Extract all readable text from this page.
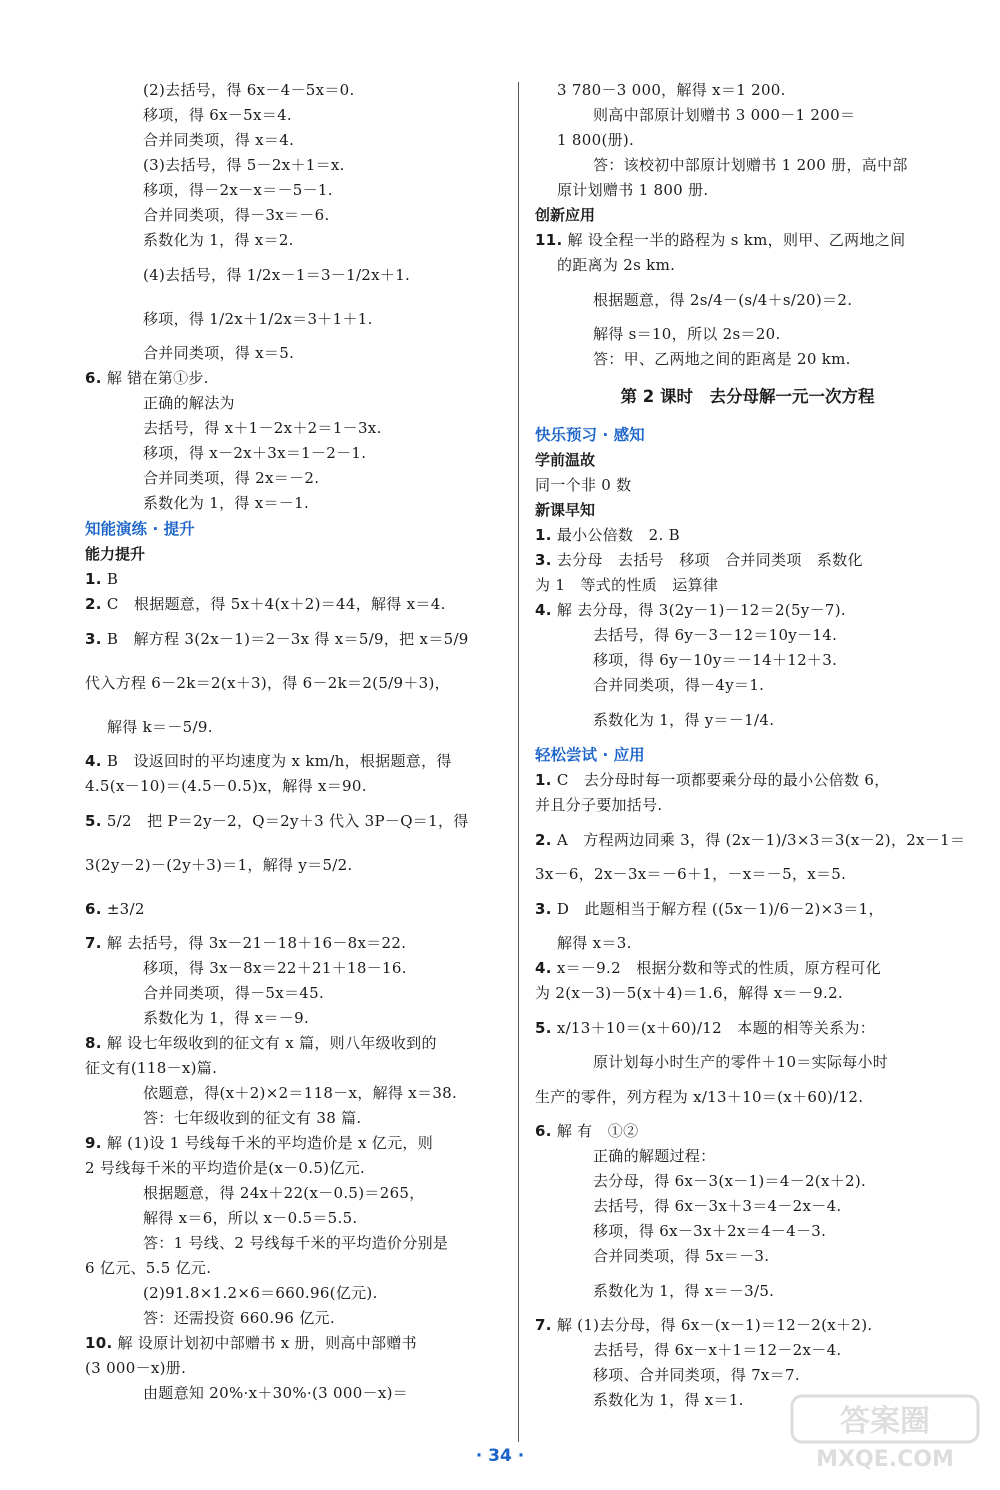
(2)去括号，得 6x－4－5x＝0.
移项，得 6x－5x＝4.
合并同类项，得 x＝4.
(3)去括号，得 5－2x＋1＝x.
移项，得－2x－x＝－5－1.
合并同类项，得－3x＝－6.
系数化为 1，得 x＝2.
(4)去括号，得 1/2x－1＝3－1/2x＋1.
移项，得 1/2x＋1/2x＝3＋1＋1.
合并同类项，得 x＝5.
6. 解 错在第①步.
正确的解法为
去括号，得 x＋1－2x＋2＝1－3x.
移项，得 x－2x＋3x＝1－2－1.
合并同类项，得 2x＝－2.
系数化为 1，得 x＝－1.
知能演练 · 提升
能力提升
1. B
2. C　根据题意，得 5x＋4(x＋2)＝44，解得 x＝4.
3. B　解方程 3(2x－1)＝2－3x 得 x＝5/9，把 x＝5/9
代入方程 6－2k＝2(x＋3)，得 6－2k＝2(5/9＋3)，
解得 k＝－5/9.
4. B　设返回时的平均速度为 x km/h，根据题意，得
4.5(x－10)＝(4.5－0.5)x，解得 x＝90.
5. 5/2　把 P＝2y－2，Q＝2y＋3 代入 3P－Q＝1，得
3(2y－2)－(2y＋3)＝1，解得 y＝5/2.
6. ±3/2
7. 解 去括号，得 3x－21－18＋16－8x＝22.
移项，得 3x－8x＝22＋21＋18－16.
合并同类项，得－5x＝45.
系数化为 1，得 x＝－9.
8. 解 设七年级收到的征文有 x 篇，则八年级收到的
征文有(118－x)篇.
依题意，得(x＋2)×2＝118－x，解得 x＝38.
答：七年级收到的征文有 38 篇.
9. 解 (1)设 1 号线每千米的平均造价是 x 亿元，则
2 号线每千米的平均造价是(x－0.5)亿元.
根据题意，得 24x＋22(x－0.5)＝265，
解得 x＝6，所以 x－0.5＝5.5.
答：1 号线、2 号线每千米的平均造价分别是
6 亿元、5.5 亿元.
(2)91.8×1.2×6＝660.96(亿元).
答：还需投资 660.96 亿元.
10. 解 设原计划初中部赠书 x 册，则高中部赠书
(3 000－x)册.
由题意知 20%·x＋30%·(3 000－x)＝
3 780－3 000，解得 x＝1 200.
则高中部原计划赠书 3 000－1 200＝
1 800(册).
答：该校初中部原计划赠书 1 200 册，高中部
原计划赠书 1 800 册.
创新应用
11. 解 设全程一半的路程为 s km，则甲、乙两地之间
的距离为 2s km.
根据题意，得 2s/4－(s/4＋s/20)＝2.
解得 s＝10，所以 2s＝20.
答：甲、乙两地之间的距离是 20 km.
第 2 课时　去分母解一元一次方程
快乐预习 · 感知
学前温故
同一个非 0 数
新课早知
1. 最小公倍数　2. B
3. 去分母　去括号　移项　合并同类项　系数化
为 1　等式的性质　运算律
4. 解 去分母，得 3(2y－1)－12＝2(5y－7).
去括号，得 6y－3－12＝10y－14.
移项，得 6y－10y＝－14＋12＋3.
合并同类项，得－4y＝1.
系数化为 1，得 y＝－1/4.
轻松尝试 · 应用
1. C　去分母时每一项都要乘分母的最小公倍数 6，
并且分子要加括号.
2. A　方程两边同乘 3，得 (2x－1)/3×3＝3(x－2)，2x－1＝
3x－6，2x－3x＝－6＋1，－x＝－5，x＝5.
3. D　此题相当于解方程 ((5x－1)/6－2)×3＝1，
解得 x＝3.
4. x＝－9.2　根据分数和等式的性质，原方程可化
为 2(x－3)－5(x＋4)＝1.6，解得 x＝－9.2.
5. x/13＋10＝(x＋60)/12　本题的相等关系为：
原计划每小时生产的零件＋10＝实际每小时
生产的零件，列方程为 x/13＋10＝(x＋60)/12.
6. 解 有　①②
正确的解题过程：
去分母，得 6x－3(x－1)＝4－2(x＋2).
去括号，得 6x－3x＋3＝4－2x－4.
移项，得 6x－3x＋2x＝4－4－3.
合并同类项，得 5x＝－3.
系数化为 1，得 x＝－3/5.
7. 解 (1)去分母，得 6x－(x－1)＝12－2(x＋2).
去括号，得 6x－x＋1＝12－2x－4.
移项、合并同类项，得 7x＝7.
系数化为 1，得 x＝1.
· 34 ·
答案圈
MXQE.COM
